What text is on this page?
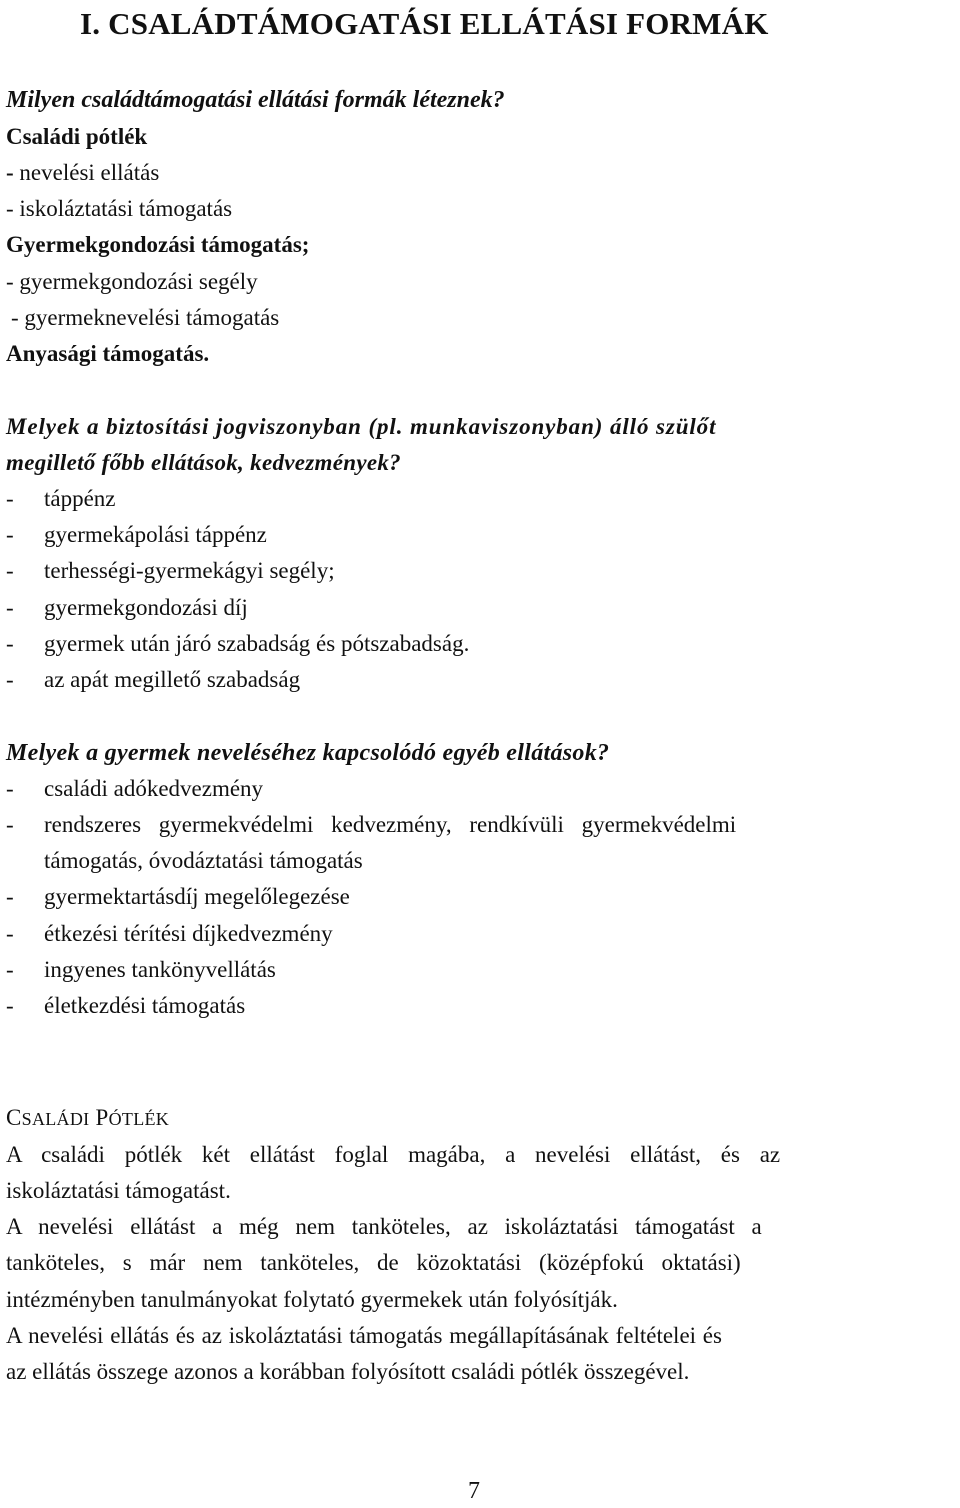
I. CSALÁDTÁMOGATÁSI ELLÁTÁSI FORMÁK
Milyen családtámogatási ellátási formák léteznek?
Családi pótlék
- nevelési ellátás
- iskoláztatási támogatás
Gyermekgondozási támogatás;
- gyermekgondozási segély
- gyermeknevelési támogatás
Anyasági támogatás.
Melyek a biztosítási jogviszonyban (pl. munkaviszonyban) álló szülőt
megillető főbb ellátások, kedvezmények?
- táppénz
- gyermekápolási táppénz
- terhességi-gyermekágyi segély;
- gyermekgondozási díj
- gyermek után járó szabadság és pótszabadság.
- az apát megillető szabadság
Melyek a gyermek neveléséhez kapcsolódó egyéb ellátások?
- családi adókedvezmény
- rendszeres gyermekvédelmi kedvezmény, rendkívüli gyermekvédelmi
támogatás, óvodáztatási támogatás
- gyermektartásdíj megelőlegezése
- étkezési térítési díjkedvezmény
- ingyenes tankönyvellátás
- életkezdési támogatás
CSALÁDI PÓTLÉK
A családi pótlék két ellátást foglal magába, a nevelési ellátást, és az
iskoláztatási támogatást.
A nevelési ellátást a még nem tanköteles, az iskoláztatási támogatást a
tanköteles, s már nem tanköteles, de közoktatási (középfokú oktatási)
intézményben tanulmányokat folytató gyermekek után folyósítják.
A nevelési ellátás és az iskoláztatási támogatás megállapításának feltételei és
az ellátás összege azonos a korábban folyósított családi pótlék összegével.
7
